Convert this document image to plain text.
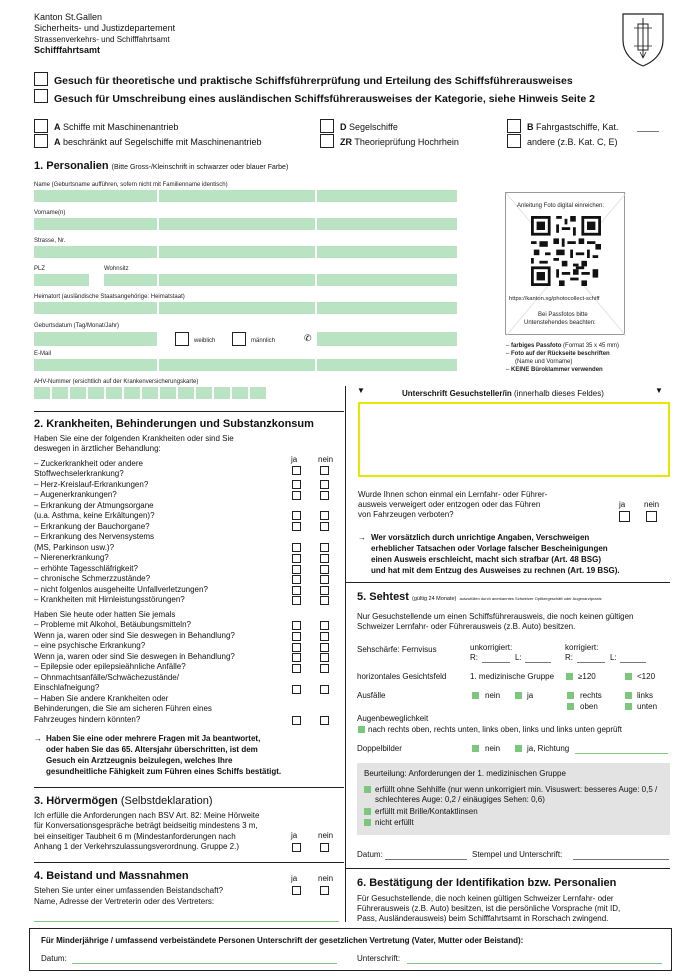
Kanton St.Gallen
Sicherheits- und Justizdepartement
Strassenverkehrs- und Schifffahrtsamt
Schifffahrtsamt
Gesuch für theoretische und praktische Schiffsführerprüfung und Erteilung des Schiffsführerausweises
Gesuch für Umschreibung eines ausländischen Schiffsführerausweises der Kategorie, siehe Hinweis Seite 2
A Schiffe mit Maschinenantrieb
A beschränkt auf Segelschiffe mit Maschinenantrieb
D Segelschiffe
ZR Theorieprüfung Hochrhein
B Fahrgastschiffe, Kat.
andere (z.B. Kat. C, E)
1. Personalien (Bitte Gross-/Kleinschrift in schwarzer oder blauer Farbe)
Name (Geburtsname aufführen, sofern nicht mit Familienname identisch)
Vorname(n)
Strasse, Nr.
PLZ	Wohnsitz
Heimatort (ausländische Staatsangehörige: Heimatstaat)
Geburtsdatum (Tag/Monat/Jahr)
weiblich	männlich	✆
E-Mail
AHV-Nummer (ersichtlich auf der Krankenversicherungskarte)
Anleitung Foto digital einreichen:
https://kanton.sg/photocollect-schiff
Bei Passfotos bitte
Untenstehendes beachten:
– farbiges Passfoto (Format 35 x 45 mm)
– Foto auf der Rückseite beschriften
(Name und Vorname)
– KEINE Büroklammer verwenden
▼	▼
Unterschrift Gesuchsteller/in (innerhalb dieses Feldes)
Wurde Ihnen schon einmal ein Lernfahr- oder Führer-
ausweis verweigert oder entzogen oder das Führen
von Fahrzeugen verboten?
ja nein
→ Wer vorsätzlich durch unrichtige Angaben, Verschweigen
erheblicher Tatsachen oder Vorlage falscher Bescheinigungen
einen Ausweis erschleicht, macht sich strafbar (Art. 48 BSG)
und hat mit dem Entzug des Ausweises zu rechnen (Art. 19 BSG).
2. Krankheiten, Behinderungen und Substanzkonsum
Haben Sie eine der folgenden Krankheiten oder sind Sie
deswegen in ärztlicher Behandlung:
ja	nein
– Zuckerkrankheit oder andere
Stoffwechselerkrankung?
– Herz-Kreislauf-Erkrankungen?
– Augenerkrankungen?
– Erkrankung der Atmungsorgane
(u.a. Asthma, keine Erkältungen)?
– Erkrankung der Bauchorgane?
– Erkrankung des Nervensystems
(MS, Parkinson usw.)?
– Nierenerkrankung?
– erhöhte Tagesschläfrigkeit?
– chronische Schmerzzustände?
– nicht folgenlos ausgeheilte Unfallverletzungen?
– Krankheiten mit Hirnleistungsstörungen?
Haben Sie heute oder hatten Sie jemals
– Probleme mit Alkohol, Betäubungsmitteln?
Wenn ja, waren oder sind Sie deswegen in Behandlung?
– eine psychische Erkrankung?
Wenn ja, waren oder sind Sie deswegen in Behandlung?
– Epilepsie oder epilepsieähnliche Anfälle?
– Ohnmachtsanfälle/Schwächezustände/
Einschlafneigung?
– Haben Sie andere Krankheiten oder
Behinderungen, die Sie am sicheren Führen eines
Fahrzeuges hindern könnten?
→ Haben Sie eine oder mehrere Fragen mit Ja beantwortet,
oder haben Sie das 65. Altersjahr überschritten, ist dem
Gesuch ein Arztzeugnis beizulegen, welches Ihre
gesundheitliche Fähigkeit zum Führen eines Schiffs bestätigt.
3. Hörvermögen (Selbstdeklaration)
Ich erfülle die Anforderungen nach BSV Art. 82: Meine Hörweite
für Konversationsgespräche beträgt beidseitig mindestens 3 m,
bei einseitiger Taubheit 6 m (Mindestanforderungen nach
Anhang 1 der Verkehrszulassungsverordnung. Gruppe 2.)
ja	nein
4. Beistand und Massnahmen	ja	nein
Stehen Sie unter einer umfassenden Beistandschaft?
Name, Adresse der Vertreterin oder des Vertreters:
5. Sehtest (gültig 24 Monate) auszufüllen durch anerkanntes Schweizer Optikergeschäft oder Augenarztpraxis
Nur Gesuchstellende um einen Schiffsführerausweis, die noch keinen gültigen
Schweizer Lernfahr- oder Führerausweis (z.B. Auto) besitzen.
Sehschärfe: Fernvisus	unkorrigiert:	korrigiert:
R:	L:	R:	L:
horizontales Gesichtsfeld	1. medizinische Gruppe	≥120	<120
Ausfälle	nein	ja	rechts
oben
links
unten
Augenbeweglichkeit
nach rechts oben, rechts unten, links oben, links und links unten geprüft
Doppelbilder	nein	ja, Richtung
Beurteilung: Anforderungen der 1. medizinischen Gruppe
erfüllt ohne Sehhilfe (nur wenn unkorrigiert min. Visuswert: besseres Auge: 0,5 /
schlechteres Auge: 0,2 / einäugiges Sehen: 0,6)
erfüllt mit Brille/Kontaktlinsen
nicht erfüllt
Datum:	Stempel und Unterschrift:
6. Bestätigung der Identifikation bzw. Personalien
Für Gesuchstellende, die noch keinen gültigen Schweizer Lernfahr- oder
Führerausweis (z.B. Auto) besitzen, ist die persönliche Vorsprache (mit ID,
Pass, Ausländerausweis) beim Schifffahrtsamt in Rorschach zwingend.
Für Minderjährige / umfassend verbeiständete Personen Unterschrift der gesetzlichen Vertretung (Vater, Mutter oder Beistand):
Datum:	Unterschrift:
